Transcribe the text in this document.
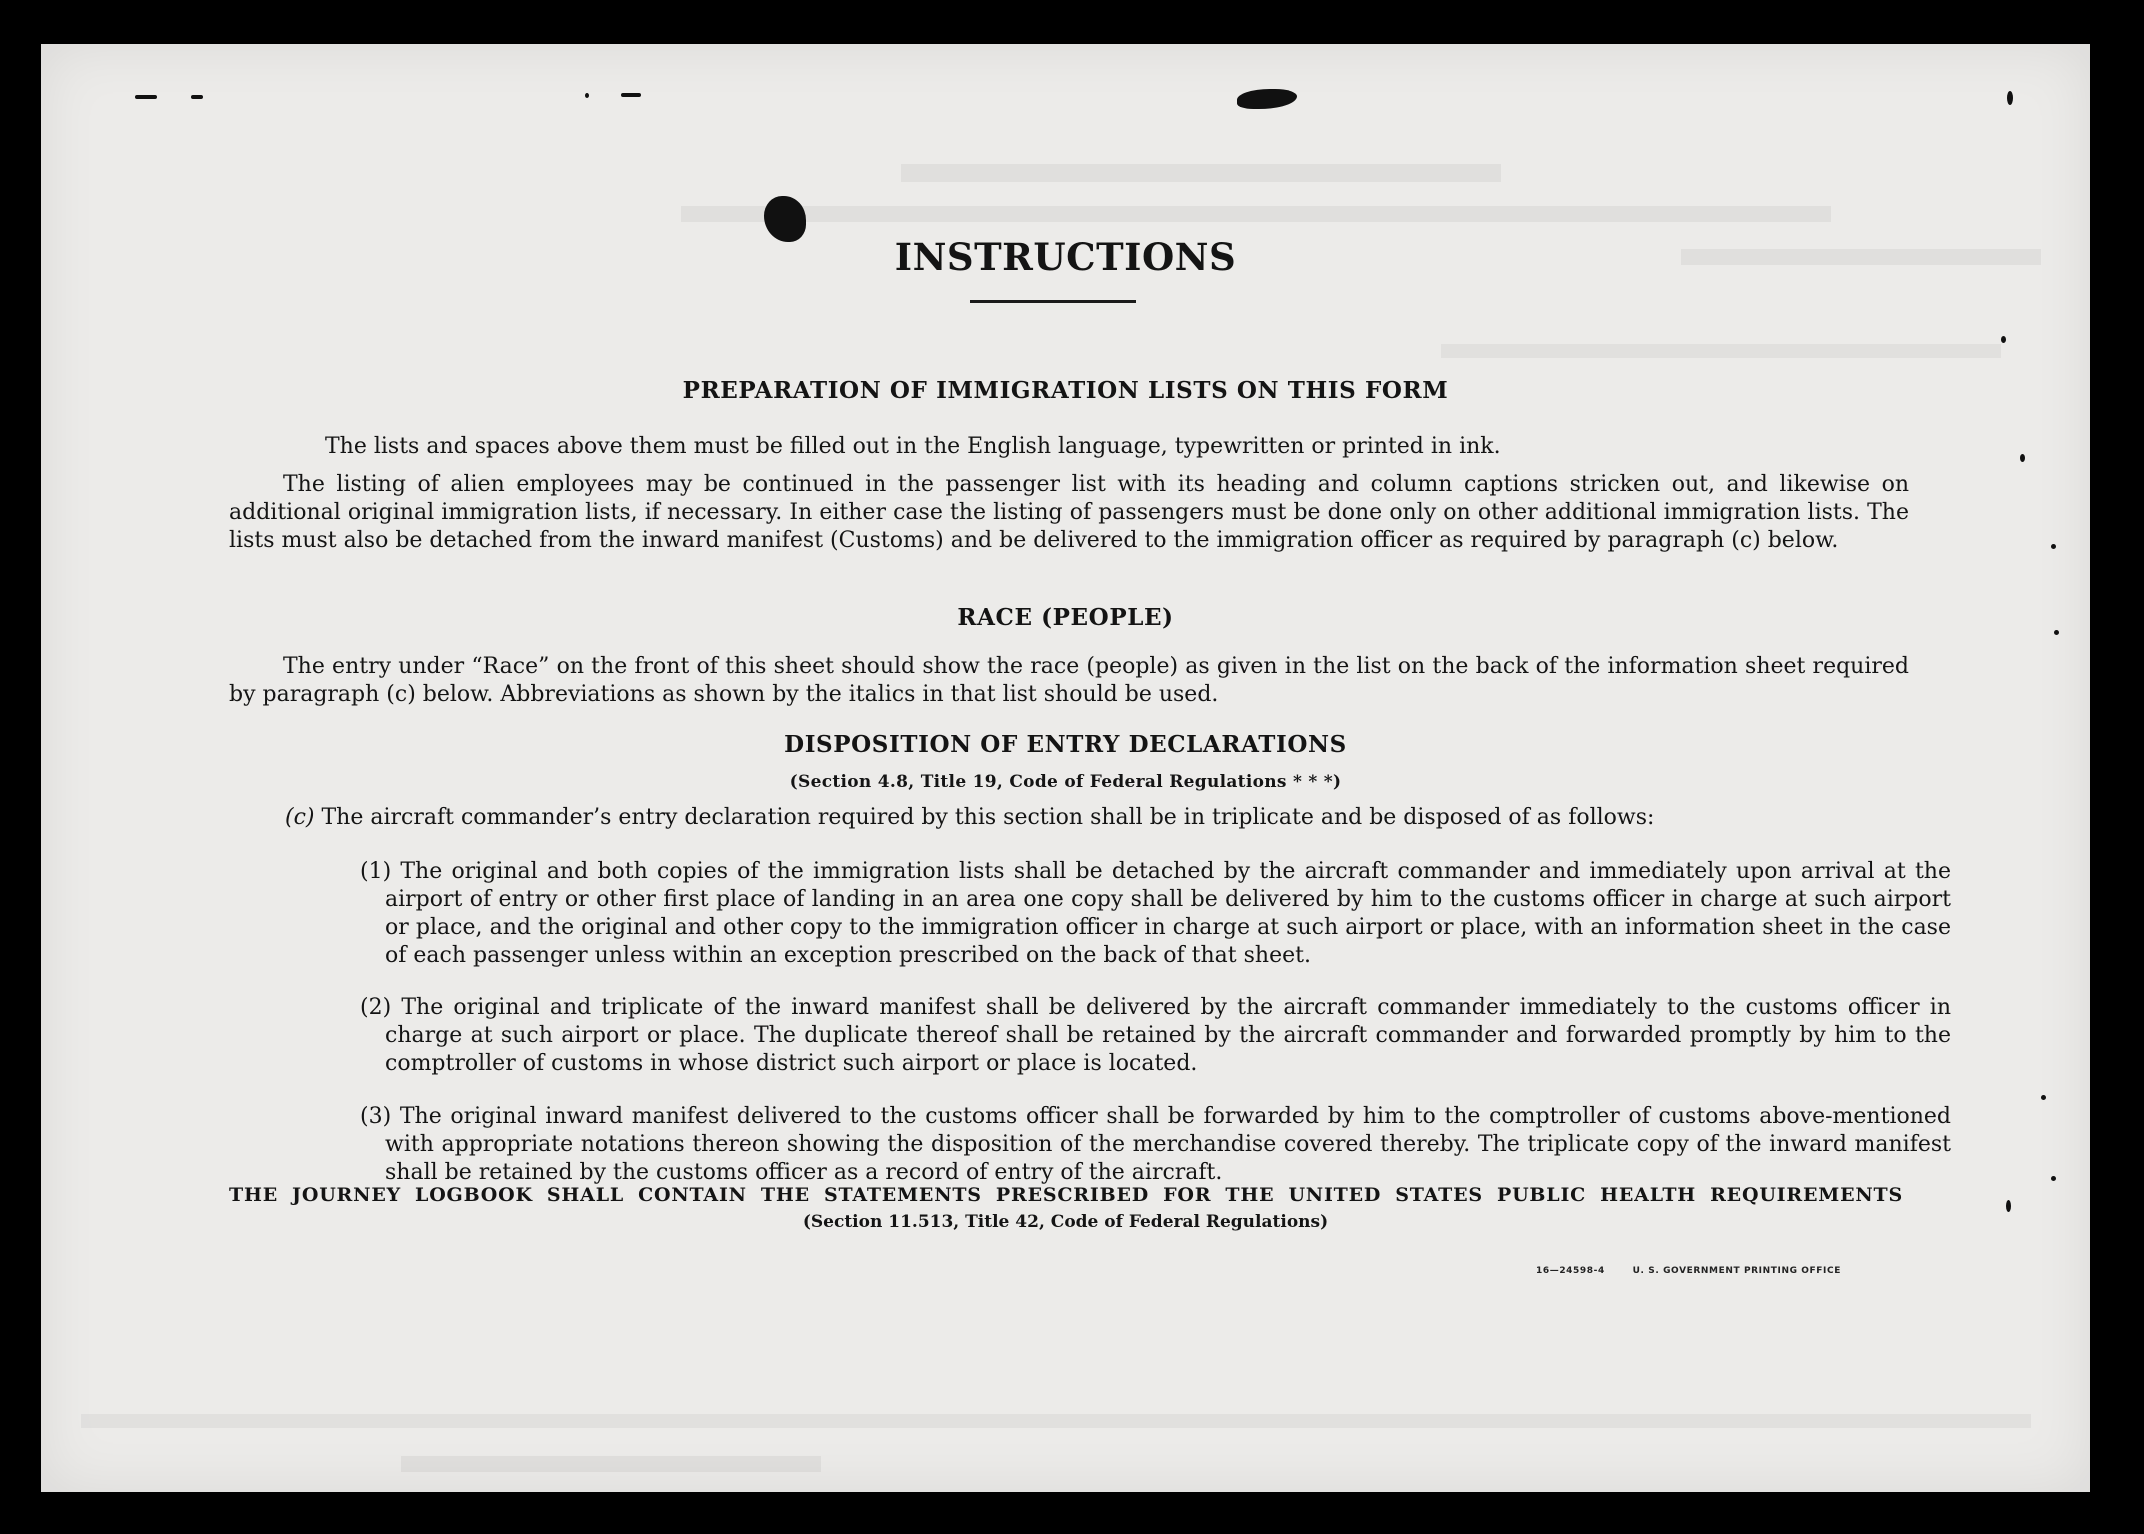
INSTRUCTIONS
PREPARATION OF IMMIGRATION LISTS ON THIS FORM

The lists and spaces above them must be filled out in the English language, typewritten or printed in ink.

The listing of alien employees may be continued in the passenger list with its heading and column captions stricken out, and likewise on additional original immigration lists, if necessary. In either case the listing of passengers must be done only on other additional immigration lists. The lists must also be detached from the inward manifest (Customs) and be delivered to the immigration officer as required by paragraph (c) below.

RACE (PEOPLE)

The entry under “Race” on the front of this sheet should show the race (people) as given in the list on the back of the information sheet required by paragraph (c) below. Abbreviations as shown by the italics in that list should be used.

DISPOSITION OF ENTRY DECLARATIONS
(Section 4.8, Title 19, Code of Federal Regulations * * *)
(c) The aircraft commander’s entry declaration required by this section shall be in triplicate and be disposed of as follows:
(1) The original and both copies of the immigration lists shall be detached by the aircraft commander and immediately upon arrival at the airport of entry or other first place of landing in an area one copy shall be delivered by him to the customs officer in charge at such airport or place, and the original and other copy to the immigration officer in charge at such airport or place, with an information sheet in the case of each passenger unless within an exception prescribed on the back of that sheet.
(2) The original and triplicate of the inward manifest shall be delivered by the aircraft commander immediately to the customs officer in charge at such airport or place. The duplicate thereof shall be retained by the aircraft commander and forwarded promptly by him to the comptroller of customs in whose district such airport or place is located.
(3) The original inward manifest delivered to the customs officer shall be forwarded by him to the comptroller of customs above-mentioned with appropriate notations thereon showing the disposition of the merchandise covered thereby. The triplicate copy of the inward manifest shall be retained by the customs officer as a record of entry of the aircraft.
THE JOURNEY LOGBOOK SHALL CONTAIN THE STATEMENTS PRESCRIBED FOR THE UNITED STATES PUBLIC HEALTH REQUIREMENTS
(Section 11.513, Title 42, Code of Federal Regulations)
16—24598-4	U. S. GOVERNMENT PRINTING OFFICE
